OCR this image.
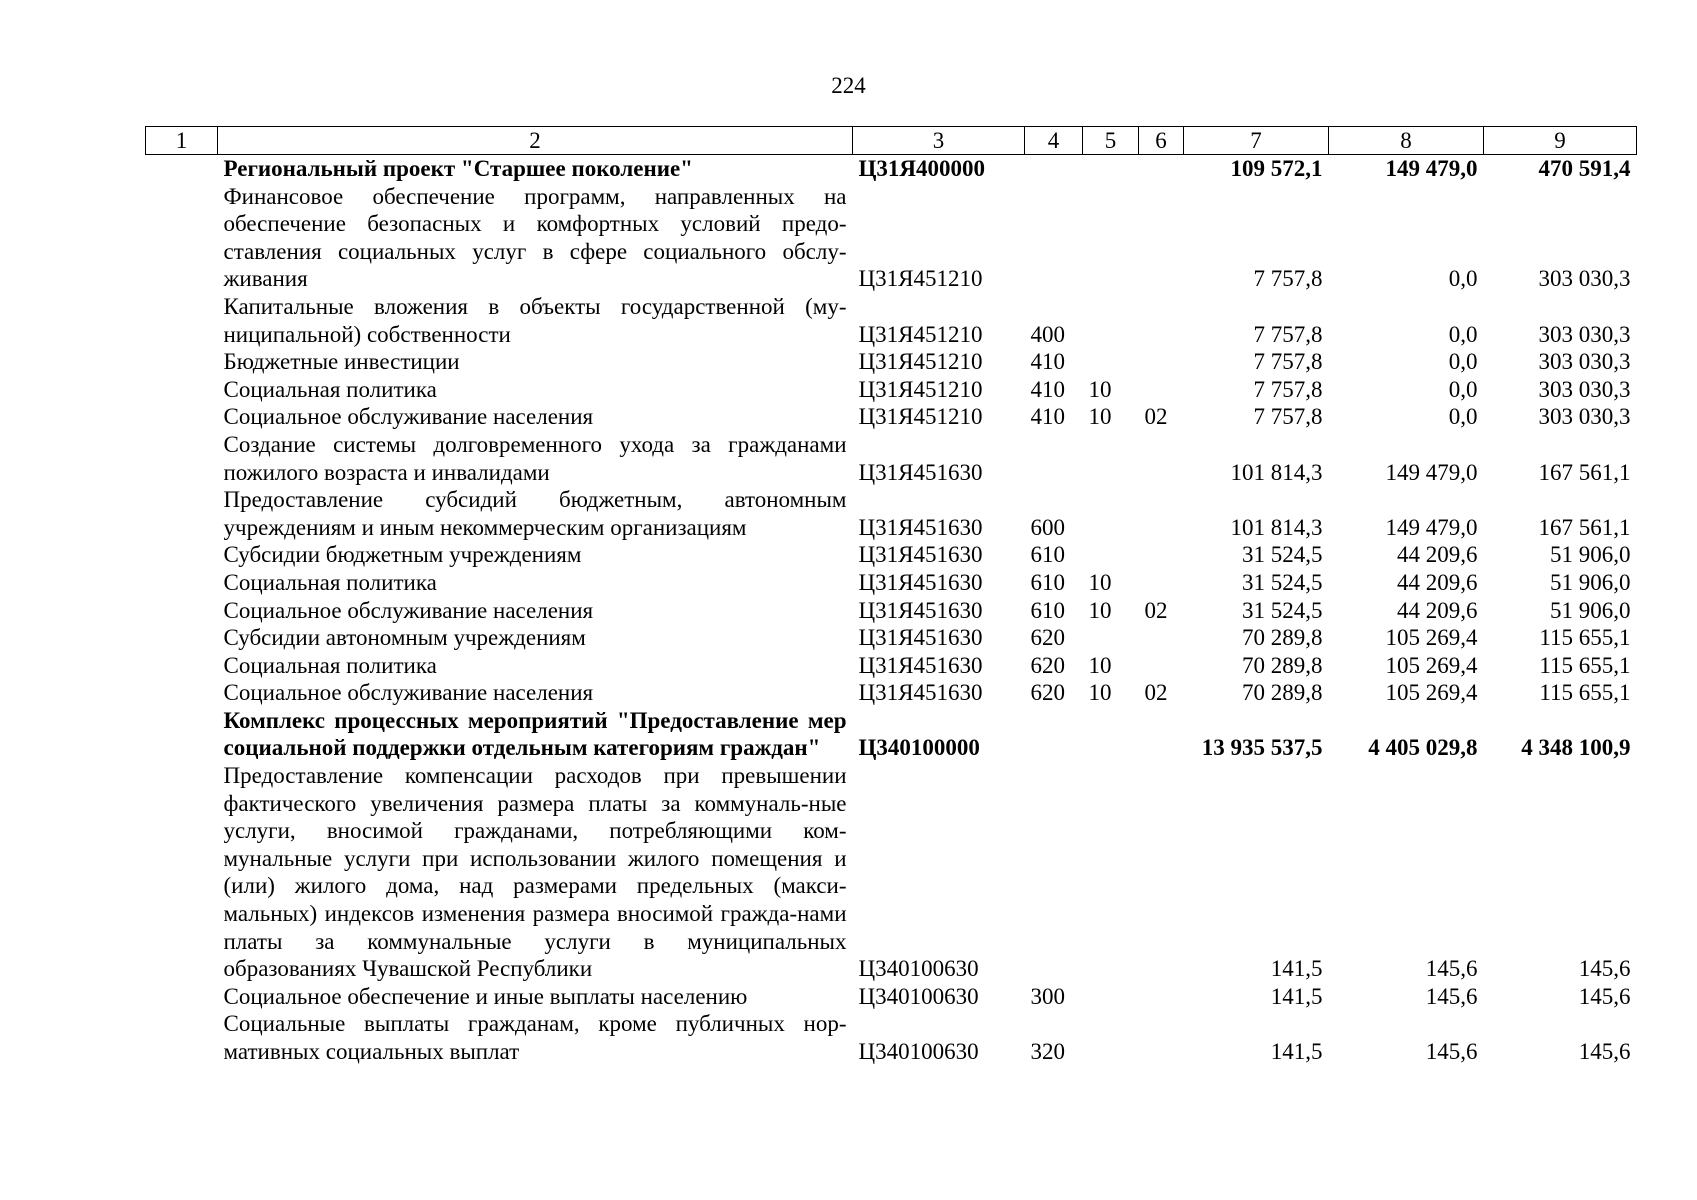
224
1	2	3	4	5	6	7	8	9
	Региональный проект "Старшее поколение"	Ц31Я400000				109 572,1	149 479,0	470 591,4
	Финансовое обеспечение программ, направленных на обеспечение безопасных и комфортных условий предо-ставления социальных услуг в сфере социального обслу-живания	Ц31Я451210				7 757,8	0,0	303 030,3
	Капитальные вложения в объекты государственной (му-ниципальной) собственности	Ц31Я451210	400			7 757,8	0,0	303 030,3
	Бюджетные инвестиции	Ц31Я451210	410			7 757,8	0,0	303 030,3
	Социальная политика	Ц31Я451210	410	10		7 757,8	0,0	303 030,3
	Социальное обслуживание населения	Ц31Я451210	410	10	02	7 757,8	0,0	303 030,3
	Создание системы долговременного ухода за гражданами пожилого возраста и инвалидами	Ц31Я451630				101 814,3	149 479,0	167 561,1
	Предоставление субсидий бюджетным, автономным учреждениям и иным некоммерческим организациям	Ц31Я451630	600			101 814,3	149 479,0	167 561,1
	Субсидии бюджетным учреждениям	Ц31Я451630	610			31 524,5	44 209,6	51 906,0
	Социальная политика	Ц31Я451630	610	10		31 524,5	44 209,6	51 906,0
	Социальное обслуживание населения	Ц31Я451630	610	10	02	31 524,5	44 209,6	51 906,0
	Субсидии автономным учреждениям	Ц31Я451630	620			70 289,8	105 269,4	115 655,1
	Социальная политика	Ц31Я451630	620	10		70 289,8	105 269,4	115 655,1
	Социальное обслуживание населения	Ц31Я451630	620	10	02	70 289,8	105 269,4	115 655,1
	Комплекс процессных мероприятий "Предоставление мер социальной поддержки отдельным категориям граждан"	Ц340100000				13 935 537,5	4 405 029,8	4 348 100,9
	Предоставление компенсации расходов при превышении фактического увеличения размера платы за коммуналь-ные услуги, вносимой гражданами, потребляющими ком-мунальные услуги при использовании жилого помещения и (или) жилого дома, над размерами предельных (макси-мальных) индексов изменения размера вносимой гражда-нами платы за коммунальные услуги в муниципальных образованиях Чувашской Республики	Ц340100630				141,5	145,6	145,6
	Социальное обеспечение и иные выплаты населению	Ц340100630	300			141,5	145,6	145,6
	Социальные выплаты гражданам, кроме публичных нор-мативных социальных выплат	Ц340100630	320			141,5	145,6	145,6
